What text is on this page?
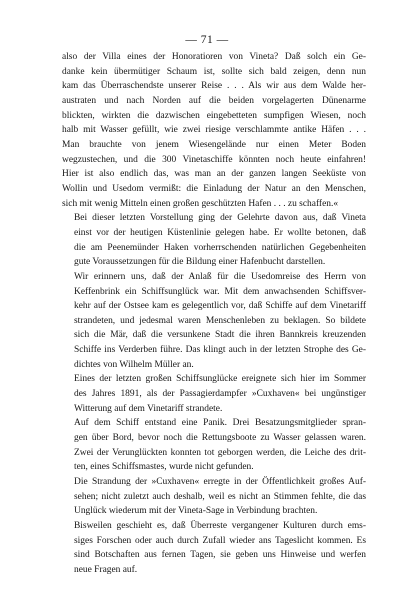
— 71 —

also der Villa eines der Honoratioren von Vineta? Daß solch ein Ge-
danke kein übermütiger Schaum ist, sollte sich bald zeigen, denn nun
kam das Überraschendste unserer Reise . . . Als wir aus dem Walde her-
austraten und nach Norden auf die beiden vorgelagerten Dünenarme
blickten, wirkten die dazwischen eingebetteten sumpfigen Wiesen, noch
halb mit Wasser gefüllt, wie zwei riesige verschlammte antike Häfen . . .
Man brauchte von jenem Wiesengelände nur einen Meter Boden
wegzustechen, und die 300 Vinetaschiffe könnten noch heute einfahren!
Hier ist also endlich das, was man an der ganzen langen Seeküste von
Wollin und Usedom vermißt: die Einladung der Natur an den Menschen,
sich mit wenig Mitteln einen großen geschützten Hafen . . . zu schaffen.«

Bei dieser letzten Vorstellung ging der Gelehrte davon aus, daß Vineta
einst vor der heutigen Küstenlinie gelegen habe. Er wollte betonen, daß
die am Peenemünder Haken vorherrschenden natürlichen Gegebenheiten
gute Voraussetzungen für die Bildung einer Hafenbucht darstellen.

Wir erinnern uns, daß der Anlaß für die Usedomreise des Herrn von
Keffenbrink ein Schiffsunglück war. Mit dem anwachsenden Schiffsver-
kehr auf der Ostsee kam es gelegentlich vor, daß Schiffe auf dem Vinetariff
strandeten, und jedesmal waren Menschenleben zu beklagen. So bildete
sich die Mär, daß die versunkene Stadt die ihren Bannkreis kreuzenden
Schiffe ins Verderben führe. Das klingt auch in der letzten Strophe des Ge-
dichtes von Wilhelm Müller an.

Eines der letzten großen Schiffsunglücke ereignete sich hier im Sommer
des Jahres 1891, als der Passagierdampfer »Cuxhaven« bei ungünstiger
Witterung auf dem Vinetariff strandete.

Auf dem Schiff entstand eine Panik. Drei Besatzungsmitglieder spran-
gen über Bord, bevor noch die Rettungsboote zu Wasser gelassen waren.
Zwei der Verunglückten konnten tot geborgen werden, die Leiche des drit-
ten, eines Schiffsmastes, wurde nicht gefunden.

Die Strandung der »Cuxhaven« erregte in der Öffentlichkeit großes Auf-
sehen; nicht zuletzt auch deshalb, weil es nicht an Stimmen fehlte, die das
Unglück wiederum mit der Vineta-Sage in Verbindung brachten.

Bisweilen geschieht es, daß Überreste vergangener Kulturen durch ems-
siges Forschen oder auch durch Zufall wieder ans Tageslicht kommen. Es
sind Botschaften aus fernen Tagen, sie geben uns Hinweise und werfen
neue Fragen auf.
